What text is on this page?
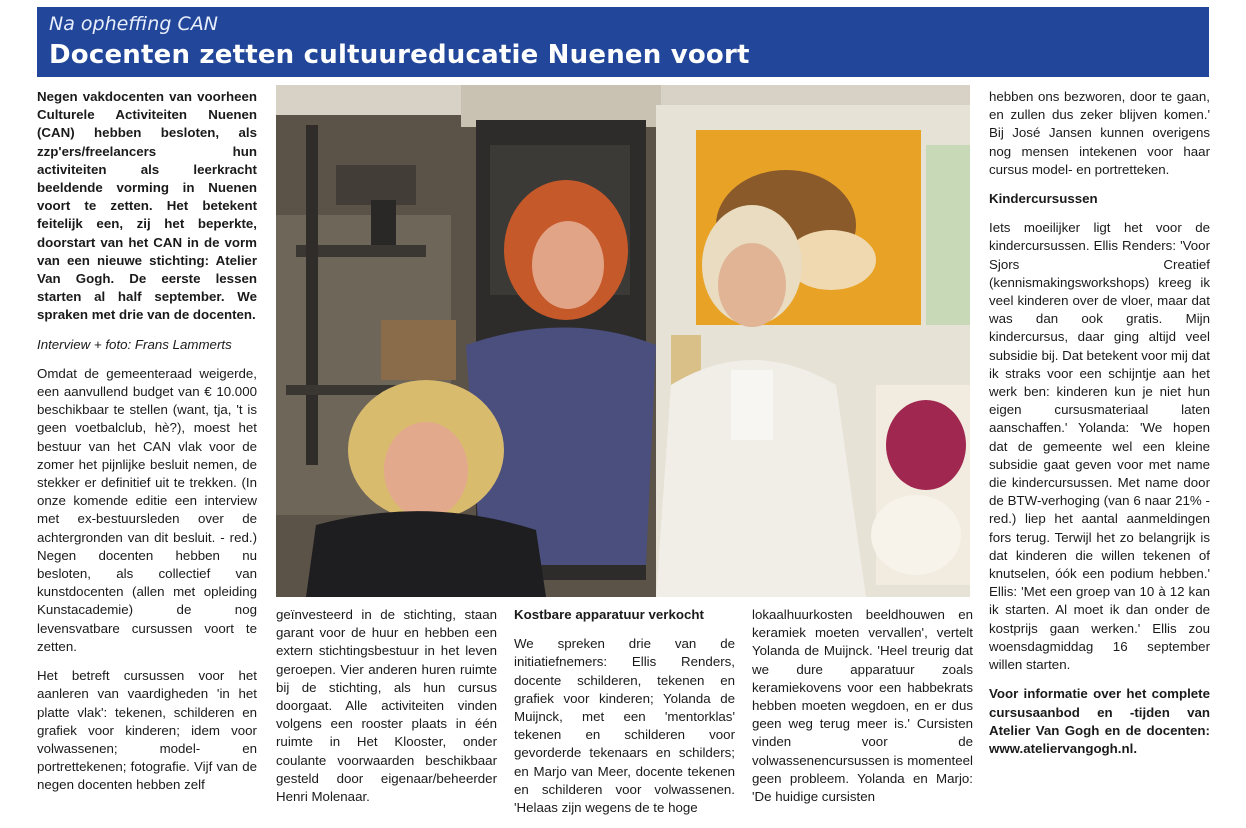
Na opheffing CAN
Docenten zetten cultuureducatie Nuenen voort

Negen vakdocenten van voorheen Culturele Activiteiten Nuenen (CAN) hebben besloten, als zzp'ers/freelancers hun activiteiten als leerkracht beeldende vorming in Nuenen voort te zetten. Het betekent feitelijk een, zij het beperkte, doorstart van het CAN in de vorm van een nieuwe stichting: Atelier Van Gogh. De eerste lessen starten al half september. We spraken met drie van de docenten.

Interview + foto: Frans Lammerts

Omdat de gemeenteraad weigerde, een aanvullend budget van € 10.000 beschikbaar te stellen (want, tja, 't is geen voetbalclub, hè?), moest het bestuur van het CAN vlak voor de zomer het pijnlijke besluit nemen, de stekker er definitief uit te trekken. (In onze komende editie een interview met ex-bestuursleden over de achtergronden van dit besluit. - red.) Negen docenten hebben nu besloten, als collectief van kunstdocenten (allen met opleiding Kunstacademie) de nog levensvatbare cursussen voort te zetten.

Het betreft cursussen voor het aanleren van vaardigheden 'in het platte vlak': tekenen, schilderen en grafiek voor kinderen; idem voor volwassenen; model- en portrettekenen; fotografie. Vijf van de negen docenten hebben zelf

geïnvesteerd in de stichting, staan garant voor de huur en hebben een extern stichtingsbestuur in het leven geroepen. Vier anderen huren ruimte bij de stichting, als hun cursus doorgaat. Alle activiteiten vinden volgens een rooster plaats in één ruimte in Het Klooster, onder coulante voorwaarden beschikbaar gesteld door eigenaar/beheerder Henri Molenaar.

Kostbare apparatuur verkocht

We spreken drie van de initiatiefnemers: Ellis Renders, docente schilderen, tekenen en grafiek voor kinderen; Yolanda de Muijnck, met een 'mentorklas' tekenen en schilderen voor gevorderde tekenaars en schilders; en Marjo van Meer, docente tekenen en schilderen voor volwassenen. 'Helaas zijn wegens de te hoge

lokaalhuurkosten beeldhouwen en keramiek moeten vervallen', vertelt Yolanda de Muijnck. 'Heel treurig dat we dure apparatuur zoals keramiekovens voor een habbekrats hebben moeten wegdoen, en er dus geen weg terug meer is.' Cursisten vinden voor de volwassenencursussen is momenteel geen probleem. Yolanda en Marjo: 'De huidige cursisten

hebben ons bezworen, door te gaan, en zullen dus zeker blijven komen.' Bij José Jansen kunnen overigens nog mensen intekenen voor haar cursus model- en portretteken.

Kindercursussen

Iets moeilijker ligt het voor de kindercursussen. Ellis Renders: 'Voor Sjors Creatief (kennismakingsworkshops) kreeg ik veel kinderen over de vloer, maar dat was dan ook gratis. Mijn kindercursus, daar ging altijd veel subsidie bij. Dat betekent voor mij dat ik straks voor een schijntje aan het werk ben: kinderen kun je niet hun eigen cursusmateriaal laten aanschaffen.' Yolanda: 'We hopen dat de gemeente wel een kleine subsidie gaat geven voor met name die kindercursussen. Met name door de BTW-verhoging (van 6 naar 21% - red.) liep het aantal aanmeldingen fors terug. Terwijl het zo belangrijk is dat kinderen die willen tekenen of knutselen, óók een podium hebben.' Ellis: 'Met een groep van 10 à 12 kan ik starten. Al moet ik dan onder de kostprijs gaan werken.' Ellis zou woensdagmiddag 16 september willen starten.

Voor informatie over het complete cursusaanbod en -tijden van Atelier Van Gogh en de docenten: www.ateliervangogh.nl.
